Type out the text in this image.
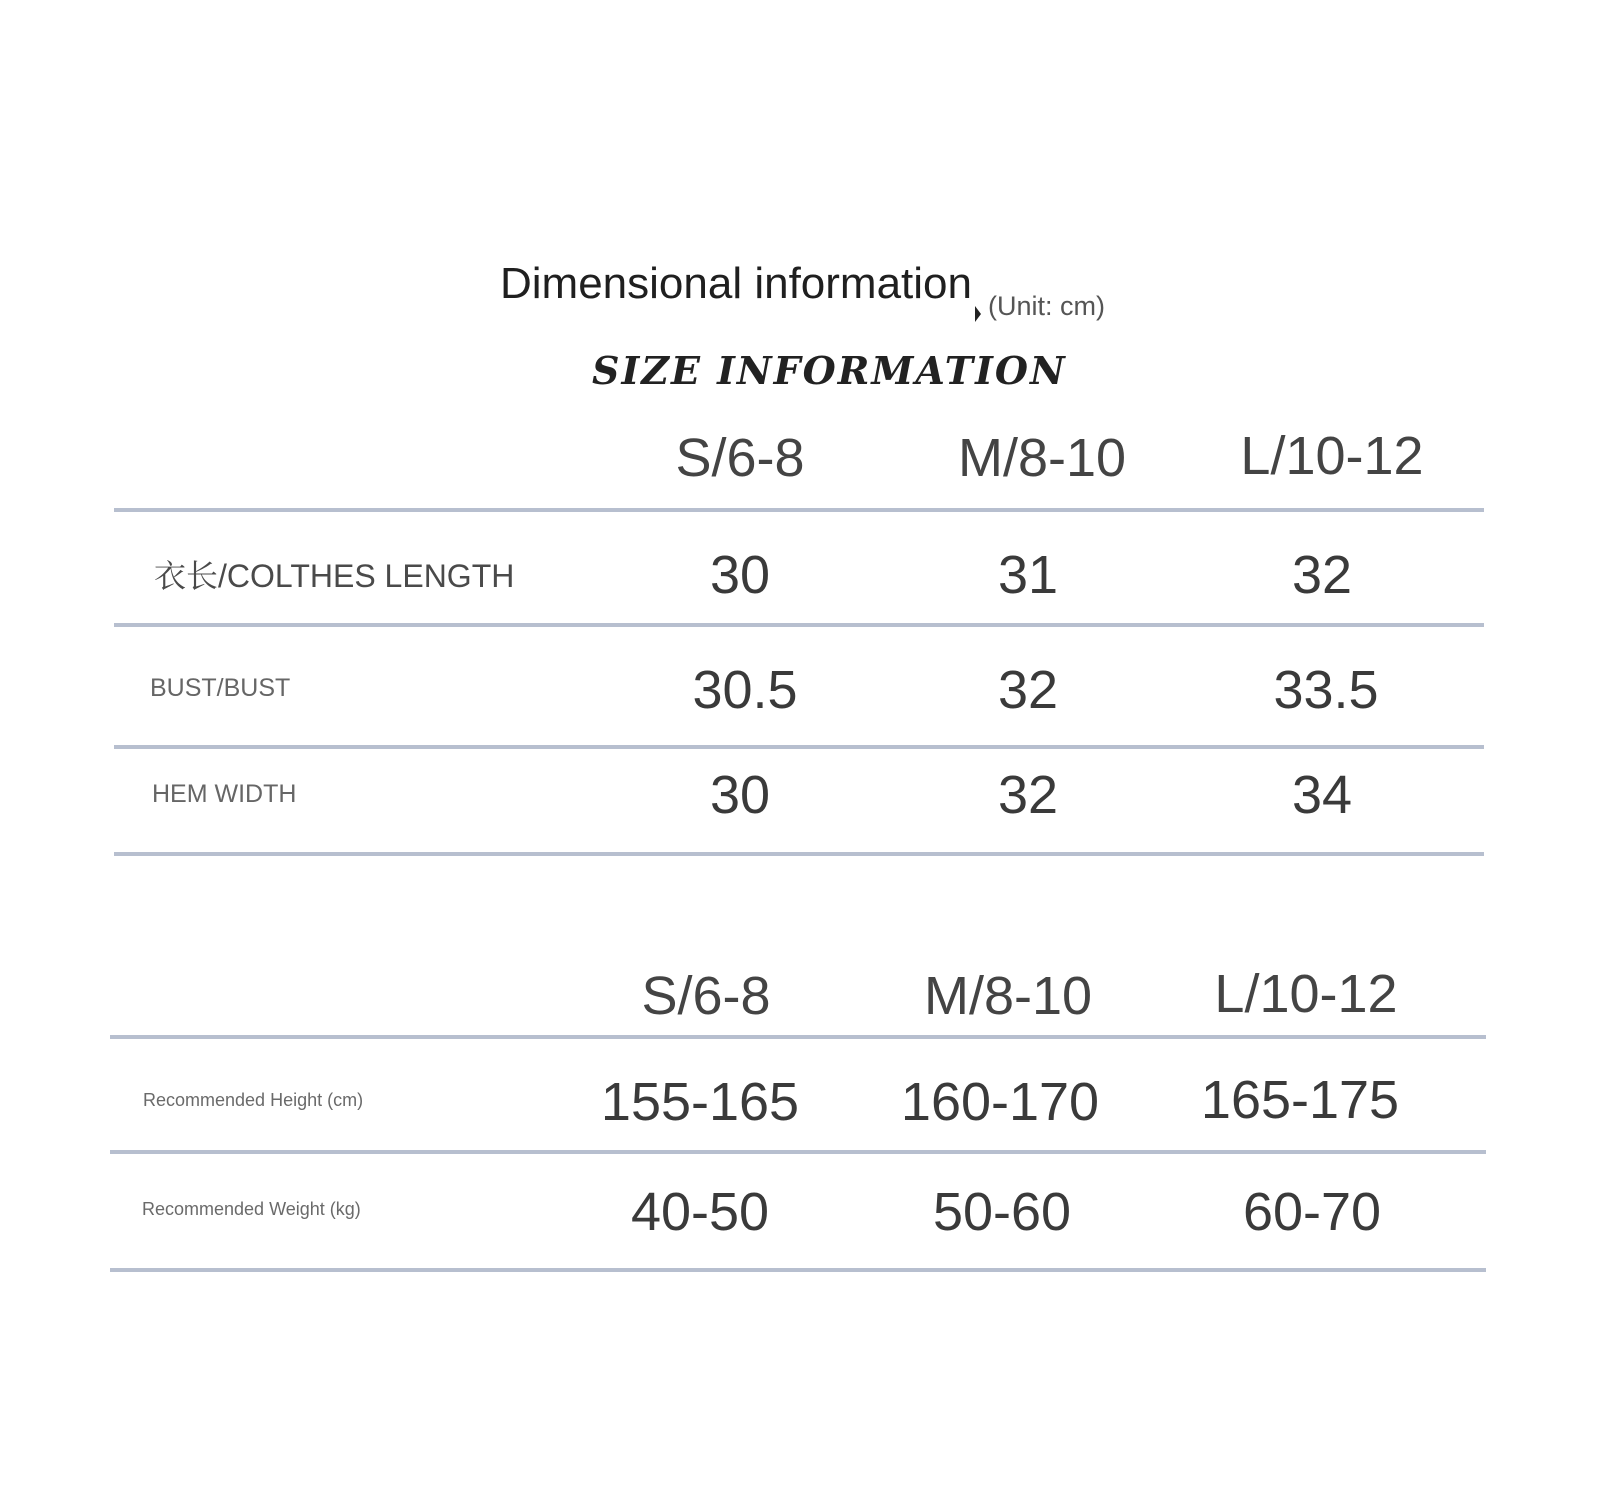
Dimensional information (Unit: cm)
SIZE INFORMATION
S/6-8	M/8-10 L/10-12
衣长/COLTHES LENGTH	30	31	32
BUST/BUST	30.5	32	33.5
HEM WIDTH	30	32	34
S/6-8	M/8-10 L/10-12
Recommended Height (cm)	155-165 160-170 165-175
Recommended Weight (kg)	40-50	50-60	60-70
